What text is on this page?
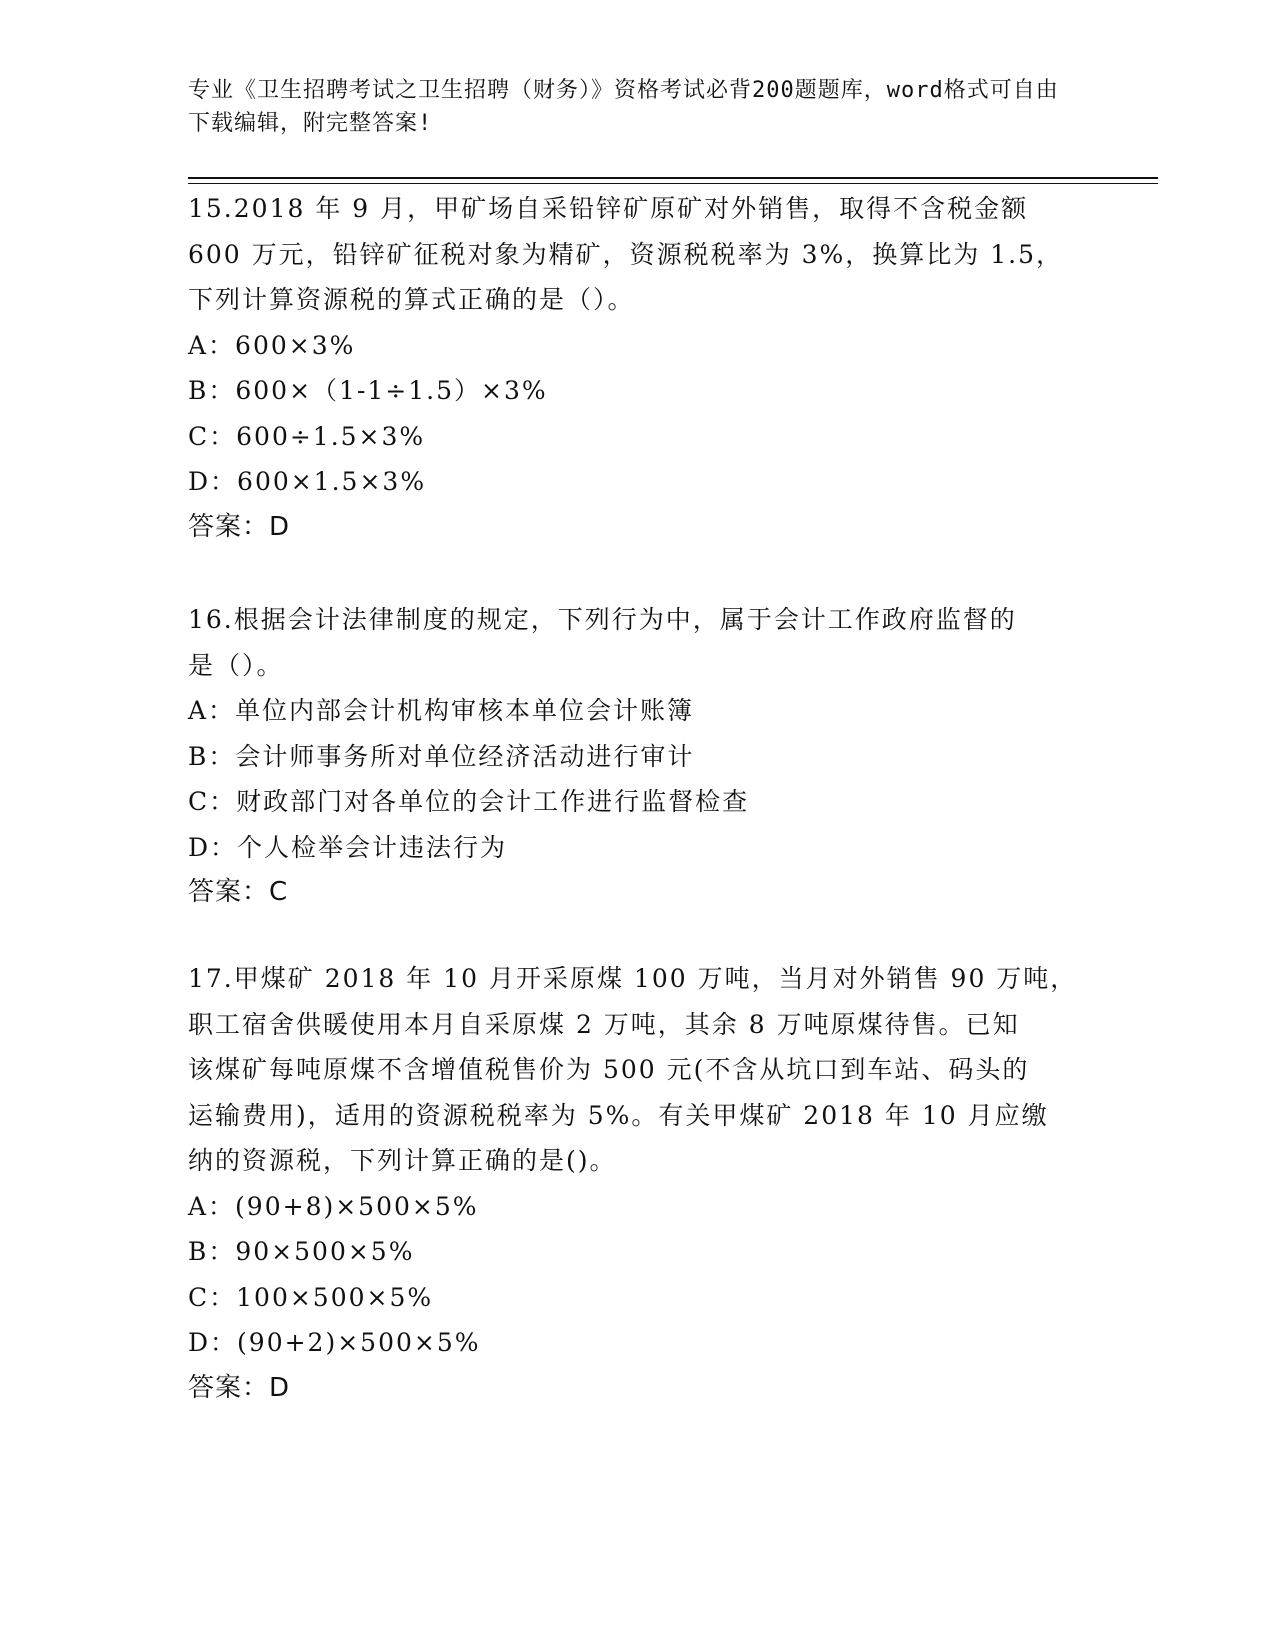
专业《卫生招聘考试之卫生招聘（财务）》资格考试必背200题题库，word格式可自由下载编辑，附完整答案!

15.2018 年 9 月，甲矿场自采铅锌矿原矿对外销售，取得不含税金额
600 万元，铅锌矿征税对象为精矿，资源税税率为 3%，换算比为 1.5，
下列计算资源税的算式正确的是（）。

A：600×3%
B：600×（1-1÷1.5）×3%
C：600÷1.5×3%
D：600×1.5×3%

答案：D

16.根据会计法律制度的规定，下列行为中，属于会计工作政府监督的
是（）。

A：单位内部会计机构审核本单位会计账簿
B：会计师事务所对单位经济活动进行审计
C：财政部门对各单位的会计工作进行监督检查
D：个人检举会计违法行为

答案：C

17.甲煤矿 2018 年 10 月开采原煤 100 万吨，当月对外销售 90 万吨，
职工宿舍供暖使用本月自采原煤 2 万吨，其余 8 万吨原煤待售。已知
该煤矿每吨原煤不含增值税售价为 500 元(不含从坑口到车站、码头的
运输费用)，适用的资源税税率为 5%。有关甲煤矿 2018 年 10 月应缴
纳的资源税，下列计算正确的是()。

A：(90+8)×500×5%
B：90×500×5%
C：100×500×5%
D：(90+2)×500×5%

答案：D
